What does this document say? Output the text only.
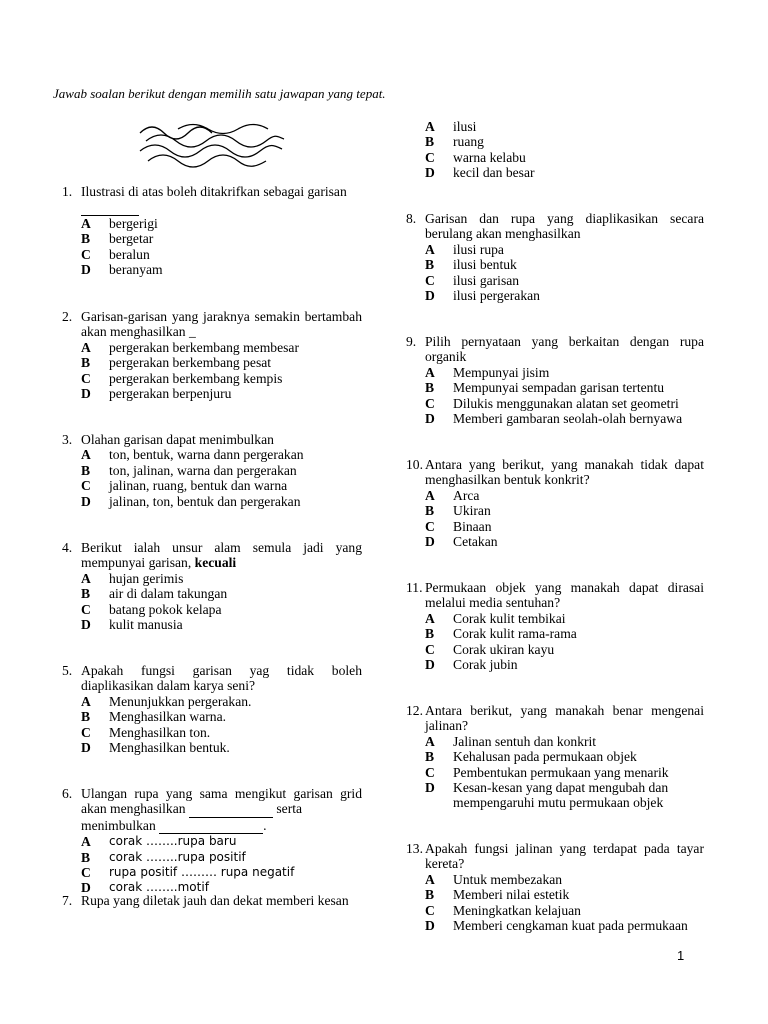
Jawab soalan berikut dengan memilih satu jawapan yang tepat.
1. Ilustrasi di atas boleh ditakrifkan sebagai garisan

A	bergerigi
B	bergetar
C	beralun
D	beranyam
2. Garisan-garisan yang jaraknya semakin bertambah akan menghasilkan _
A	pergerakan berkembang membesar
B	pergerakan berkembang pesat
C	pergerakan berkembang kempis
D	pergerakan berpenjuru
3. Olahan garisan dapat menimbulkan
A	ton, bentuk, warna dann pergerakan
B	ton, jalinan, warna dan pergerakan
C	jalinan, ruang, bentuk dan warna
D	jalinan, ton, bentuk dan pergerakan
4. Berikut ialah unsur alam semula jadi yang mempunyai garisan, kecuali
A	hujan gerimis
B	air di dalam takungan
C	batang pokok kelapa
D	kulit manusia
5. Apakah fungsi garisan yag tidak boleh diaplikasikan dalam karya seni?
A	Menunjukkan pergerakan.
B	Menghasilkan warna.
C	Menghasilkan ton.
D	Menghasilkan bentuk.
6. Ulangan rupa yang sama mengikut garisan grid akan menghasilkan	serta
menimbulkan	.
A	corak ……..rupa baru
B	corak ……..rupa positif
C	rupa positif ……… rupa negatif
D	corak ……..motif
7. Rupa yang diletak jauh dan dekat memberi kesan
A	ilusi
B	ruang
C	warna kelabu
D	kecil dan besar
8. Garisan dan rupa yang diaplikasikan secara berulang akan menghasilkan
A	ilusi rupa
B	ilusi bentuk
C	ilusi garisan
D	ilusi pergerakan
9. Pilih pernyataan yang berkaitan dengan rupa organik
A	Mempunyai jisim
B	Mempunyai sempadan garisan tertentu
C	Dilukis menggunakan alatan set geometri
D	Memberi gambaran seolah-olah bernyawa
10. Antara yang berikut, yang manakah tidak dapat menghasilkan bentuk konkrit?
A	Arca
B	Ukiran
C	Binaan
D	Cetakan
11. Permukaan objek yang manakah dapat dirasai melalui media sentuhan?
A	Corak kulit tembikai
B	Corak kulit rama-rama
C	Corak ukiran kayu
D	Corak jubin
12. Antara berikut, yang manakah benar mengenai jalinan?
A	Jalinan sentuh dan konkrit
B	Kehalusan pada permukaan objek
C	Pembentukan permukaan yang menarik
D	Kesan-kesan yang dapat mengubah dan mempengaruhi mutu permukaan objek
13. Apakah fungsi jalinan yang terdapat pada tayar kereta?
A	Untuk membezakan
B	Memberi nilai estetik
C	Meningkatkan kelajuan
D	Memberi cengkaman kuat pada permukaan
1
